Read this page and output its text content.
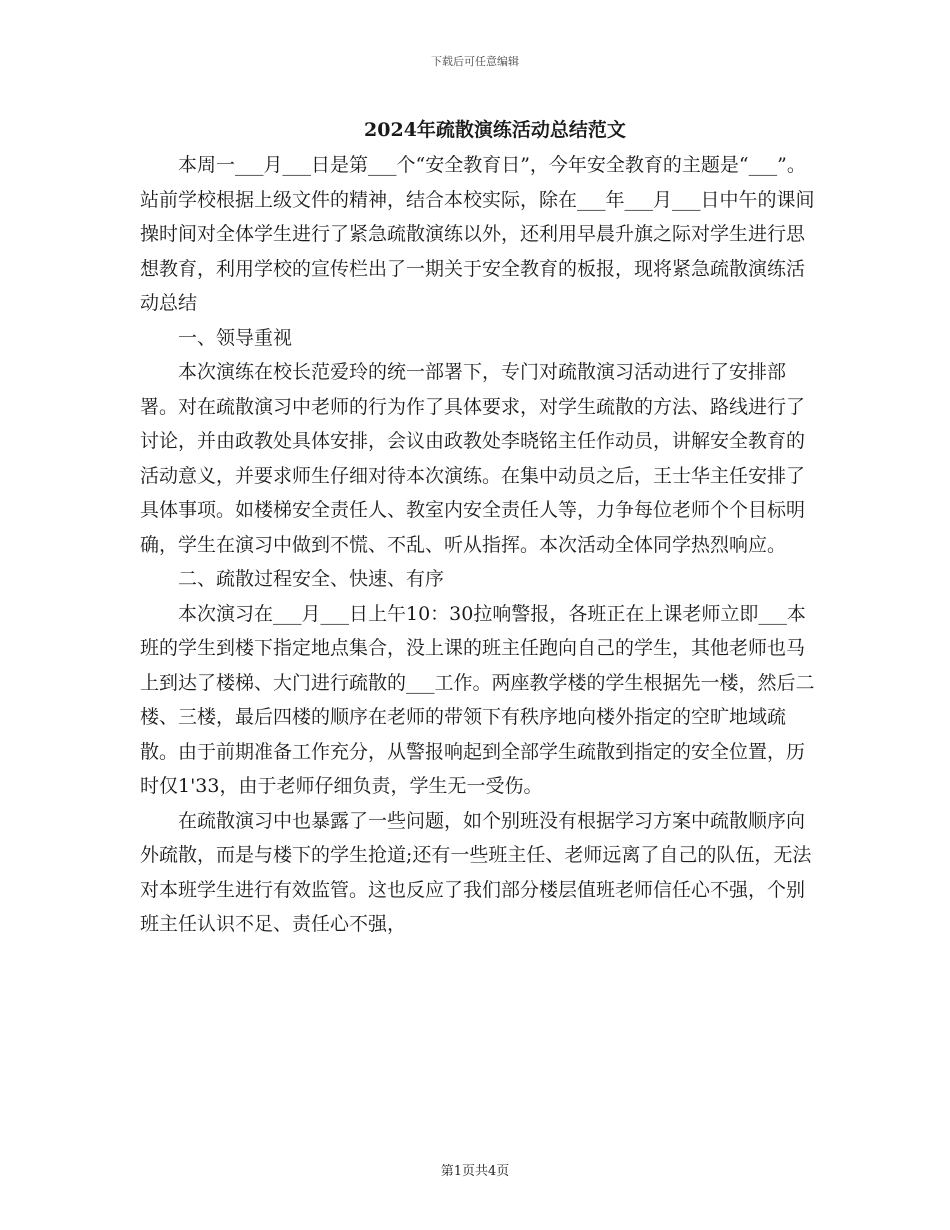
下载后可任意编辑
2024年疏散演练活动总结范文

本周一___月___日是第___个“安全教育日”，今年安全教育的主题是“___”。站前学校根据上级文件的精神，结合本校实际，除在___年___月___日中午的课间操时间对全体学生进行了紧急疏散演练以外，还利用早晨升旗之际对学生进行思想教育，利用学校的宣传栏出了一期关于安全教育的板报，现将紧急疏散演练活动总结

一、领导重视

本次演练在校长范爱玲的统一部署下，专门对疏散演习活动进行了安排部署。对在疏散演习中老师的行为作了具体要求，对学生疏散的方法、路线进行了讨论，并由政教处具体安排，会议由政教处李晓铭主任作动员，讲解安全教育的活动意义，并要求师生仔细对待本次演练。在集中动员之后，王士华主任安排了具体事项。如楼梯安全责任人、教室内安全责任人等，力争每位老师个个目标明确，学生在演习中做到不慌、不乱、听从指挥。本次活动全体同学热烈响应。

二、疏散过程安全、快速、有序

本次演习在___月___日上午10：30拉响警报，各班正在上课老师立即___本班的学生到楼下指定地点集合，没上课的班主任跑向自己的学生，其他老师也马上到达了楼梯、大门进行疏散的___工作。两座教学楼的学生根据先一楼，然后二楼、三楼，最后四楼的顺序在老师的带领下有秩序地向楼外指定的空旷地域疏散。由于前期准备工作充分，从警报响起到全部学生疏散到指定的安全位置，历时仅1'33，由于老师仔细负责，学生无一受伤。

在疏散演习中也暴露了一些问题，如个别班没有根据学习方案中疏散顺序向外疏散，而是与楼下的学生抢道;还有一些班主任、老师远离了自己的队伍，无法对本班学生进行有效监管。这也反应了我们部分楼层值班老师信任心不强，个别班主任认识不足、责任心不强，

第1页共4页
